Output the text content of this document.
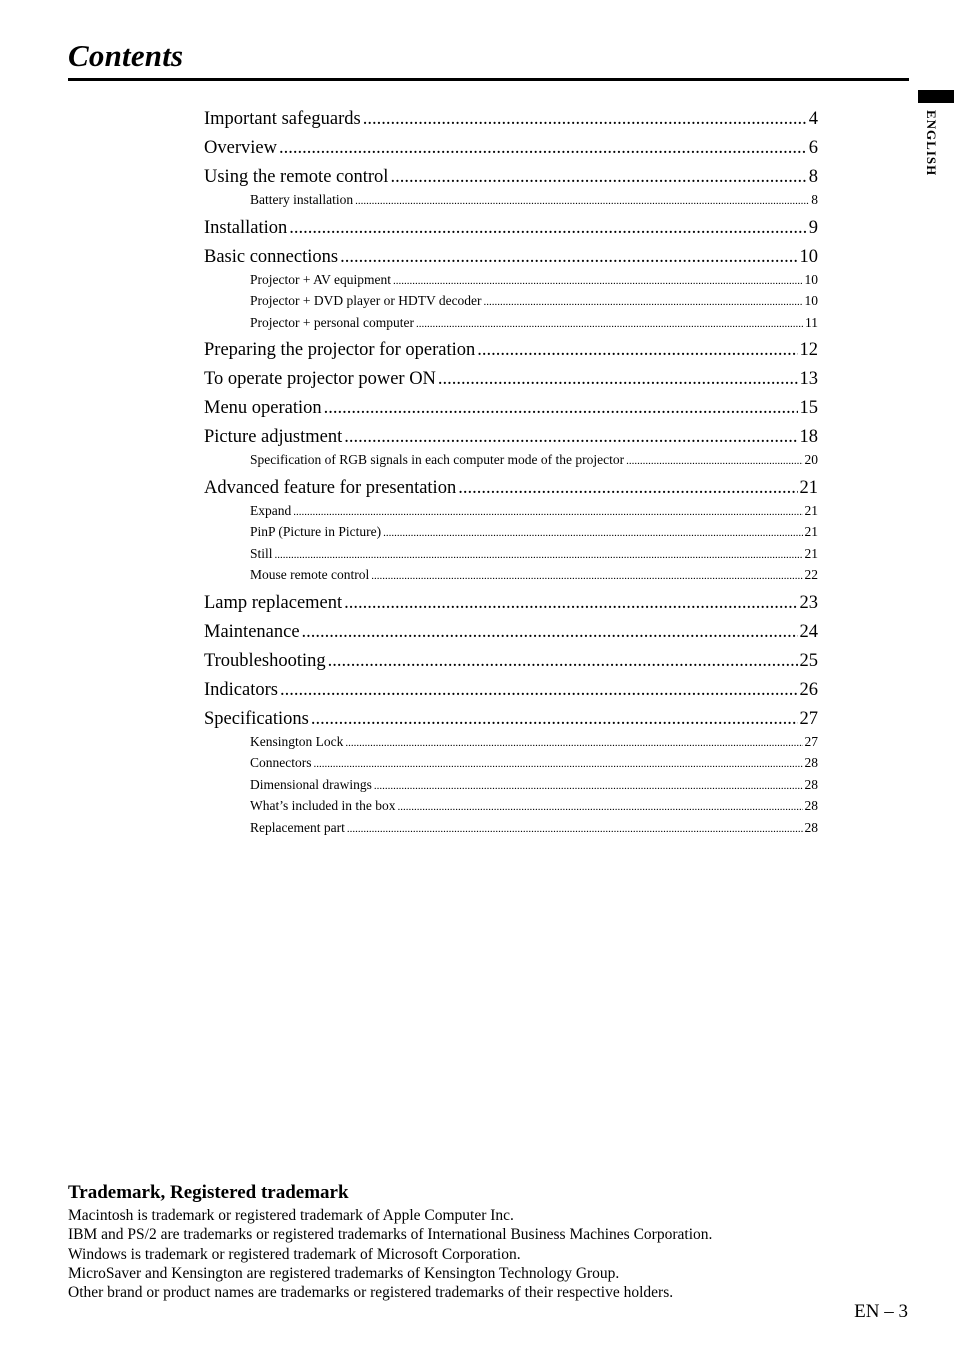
Contents
ENGLISH
Important safeguards .....	4
Overview .....	6
Using the remote control .....	8
Battery installation .....	8
Installation .....	9
Basic connections .....	10
Projector + AV equipment .....	10
Projector + DVD player or HDTV decoder .....	10
Projector + personal computer .....	11
Preparing the projector for operation .....	12
To operate projector power ON .....	13
Menu operation .....	15
Picture adjustment .....	18
Specification of RGB signals in each computer mode of the projector .....	20
Advanced feature for presentation .....	21
Expand .....	21
PinP (Picture in Picture) .....	21
Still .....	21
Mouse remote control .....	22
Lamp replacement .....	23
Maintenance .....	24
Troubleshooting .....	25
Indicators .....	26
Specifications .....	27
Kensington Lock .....	27
Connectors .....	28
Dimensional drawings .....	28
What’s included in the box .....	28
Replacement part .....	28
Trademark, Registered trademark
Macintosh is trademark or registered trademark of Apple Computer Inc.
IBM and PS/2 are trademarks or registered trademarks of International Business Machines Corporation.
Windows is trademark or registered trademark of Microsoft Corporation.
MicroSaver and Kensington are registered trademarks of Kensington Technology Group.
Other brand or product names are trademarks or registered trademarks of their respective holders.
EN – 3
